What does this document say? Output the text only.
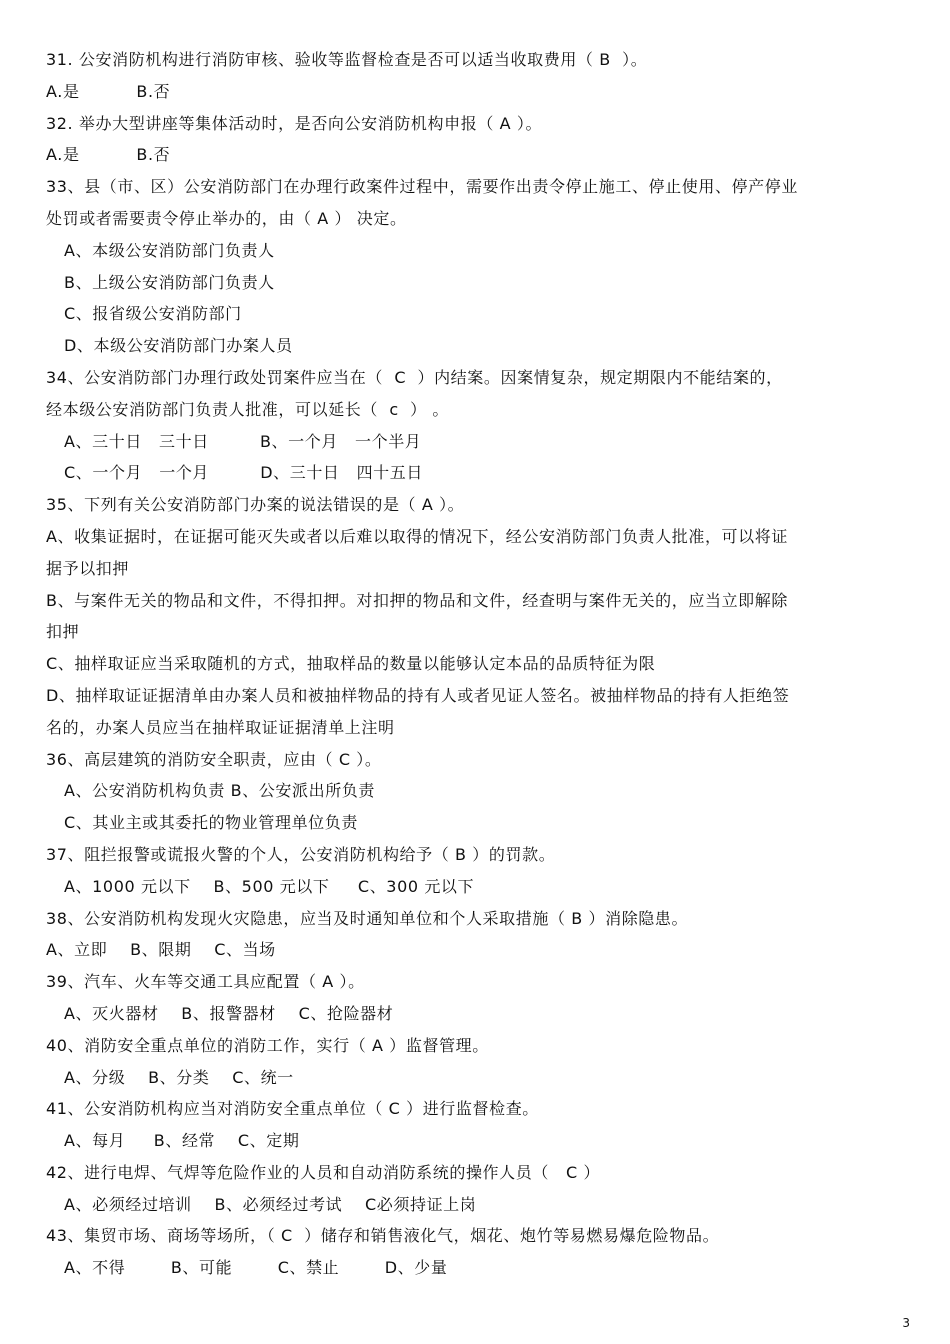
31. 公安消防机构进行消防审核、验收等监督检查是否可以适当收取费用（ B  ）。
A.是          B.否
32. 举办大型讲座等集体活动时，是否向公安消防机构申报（ A ）。
A.是          B.否
33、县（市、区）公安消防部门在办理行政案件过程中，需要作出责令停止施工、停止使用、停产停业
处罚或者需要责令停止举办的，由（ A ） 决定。
A、本级公安消防部门负责人
B、上级公安消防部门负责人
C、报省级公安消防部门
D、本级公安消防部门办案人员
34、公安消防部门办理行政处罚案件应当在（  C  ）内结案。因案情复杂，规定期限内不能结案的，
经本级公安消防部门负责人批准，可以延长（  c  ） 。
A、三十日   三十日         B、一个月   一个半月
C、一个月   一个月         D、三十日   四十五日
35、下列有关公安消防部门办案的说法错误的是（ A ）。
A、收集证据时，在证据可能灭失或者以后难以取得的情况下，经公安消防部门负责人批准，可以将证
据予以扣押
B、与案件无关的物品和文件，不得扣押。对扣押的物品和文件，经查明与案件无关的，应当立即解除
扣押
C、抽样取证应当采取随机的方式，抽取样品的数量以能够认定本品的品质特征为限
D、抽样取证证据清单由办案人员和被抽样物品的持有人或者见证人签名。被抽样物品的持有人拒绝签
名的，办案人员应当在抽样取证证据清单上注明
36、高层建筑的消防安全职责，应由（ C ）。
A、公安消防机构负责 B、公安派出所负责
C、其业主或其委托的物业管理单位负责
37、阻拦报警或谎报火警的个人，公安消防机构给予（ B ）的罚款。
A、1000 元以下    B、500 元以下     C、300 元以下
38、公安消防机构发现火灾隐患，应当及时通知单位和个人采取措施（ B ）消除隐患。
A、立即    B、限期    C、当场
39、汽车、火车等交通工具应配置（ A ）。
A、灭火器材    B、报警器材    C、抢险器材
40、消防安全重点单位的消防工作，实行（ A ）监督管理。
A、分级    B、分类    C、统一
41、公安消防机构应当对消防安全重点单位（ C ）进行监督检查。
A、每月     B、经常    C、定期
42、进行电焊、气焊等危险作业的人员和自动消防系统的操作人员（   C ）
A、必须经过培训    B、必须经过考试    C必须持证上岗
43、集贸市场、商场等场所，（ C  ）储存和销售液化气，烟花、炮竹等易燃易爆危险物品。
A、不得        B、可能        C、禁止        D、少量
3
